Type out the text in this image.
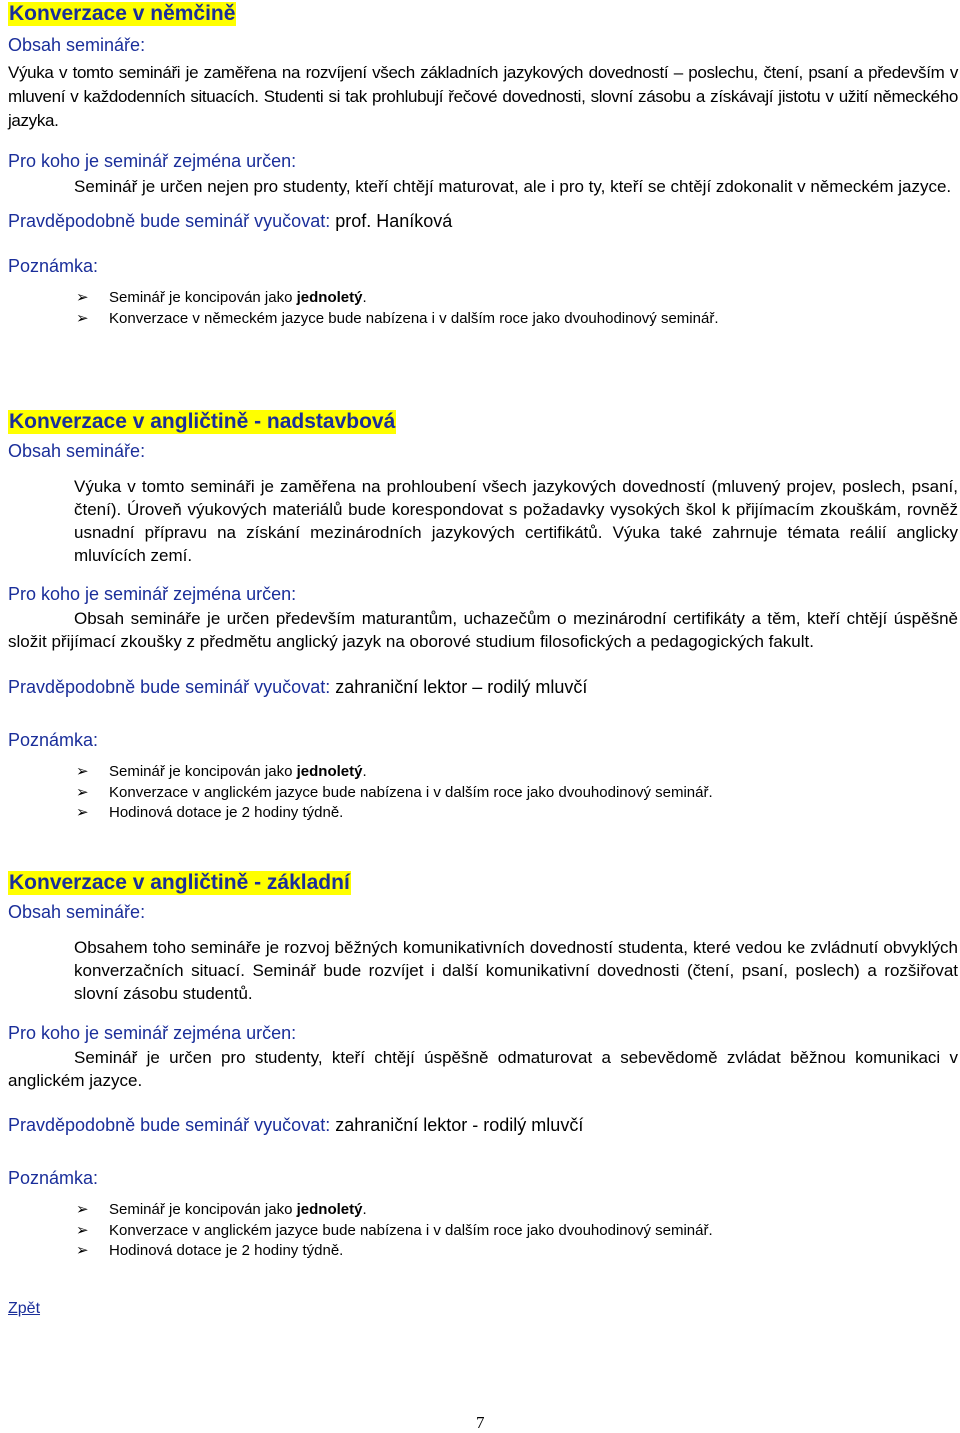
Konverzace v němčině
Obsah semináře:
Výuka v tomto semináři je zaměřena na rozvíjení všech základních jazykových dovedností – poslechu, čtení, psaní a především v mluvení v každodenních situacích. Studenti si tak prohlubují řečové dovednosti, slovní zásobu a získávají jistotu v užití německého jazyka.
Pro koho je seminář zejména určen:
Seminář je určen nejen pro studenty, kteří chtějí maturovat, ale i pro ty, kteří se chtějí zdokonalit v německém jazyce.
Pravděpodobně bude seminář vyučovat: prof. Haníková
Poznámka:
➢ Seminář je koncipován jako jednoletý.
➢ Konverzace v německém jazyce bude nabízena i v dalším roce jako dvouhodinový seminář.
Konverzace v angličtině - nadstavbová
Obsah semináře:
Výuka v tomto semináři je zaměřena na prohloubení všech jazykových dovedností (mluvený projev, poslech, psaní, čtení). Úroveň výukových materiálů bude korespondovat s požadavky vysokých škol k přijímacím zkouškám, rovněž usnadní přípravu na získání mezinárodních jazykových certifikátů. Výuka také zahrnuje témata reálií anglicky mluvících zemí.
Pro koho je seminář zejména určen:
Obsah semináře je určen především maturantům, uchazečům o mezinárodní certifikáty a těm, kteří chtějí úspěšně složit přijímací zkoušky z předmětu anglický jazyk na oborové studium filosofických a pedagogických fakult.
Pravděpodobně bude seminář vyučovat: zahraniční lektor – rodilý mluvčí
Poznámka:
➢ Seminář je koncipován jako jednoletý.
➢ Konverzace v anglickém jazyce bude nabízena i v dalším roce jako dvouhodinový seminář.
➢ Hodinová dotace je 2 hodiny týdně.
Konverzace v angličtině - základní
Obsah semináře:
Obsahem toho semináře je rozvoj běžných komunikativních dovedností studenta, které vedou ke zvládnutí obvyklých konverzačních situací. Seminář bude rozvíjet i další komunikativní dovednosti (čtení, psaní, poslech) a rozšiřovat slovní zásobu studentů.
Pro koho je seminář zejména určen:
Seminář je určen pro studenty, kteří chtějí úspěšně odmaturovat a sebevědomě zvládat běžnou komunikaci v anglickém jazyce.
Pravděpodobně bude seminář vyučovat: zahraniční lektor - rodilý mluvčí
Poznámka:
➢ Seminář je koncipován jako jednoletý.
➢ Konverzace v anglickém jazyce bude nabízena i v dalším roce jako dvouhodinový seminář.
➢ Hodinová dotace je 2 hodiny týdně.
Zpět
7
